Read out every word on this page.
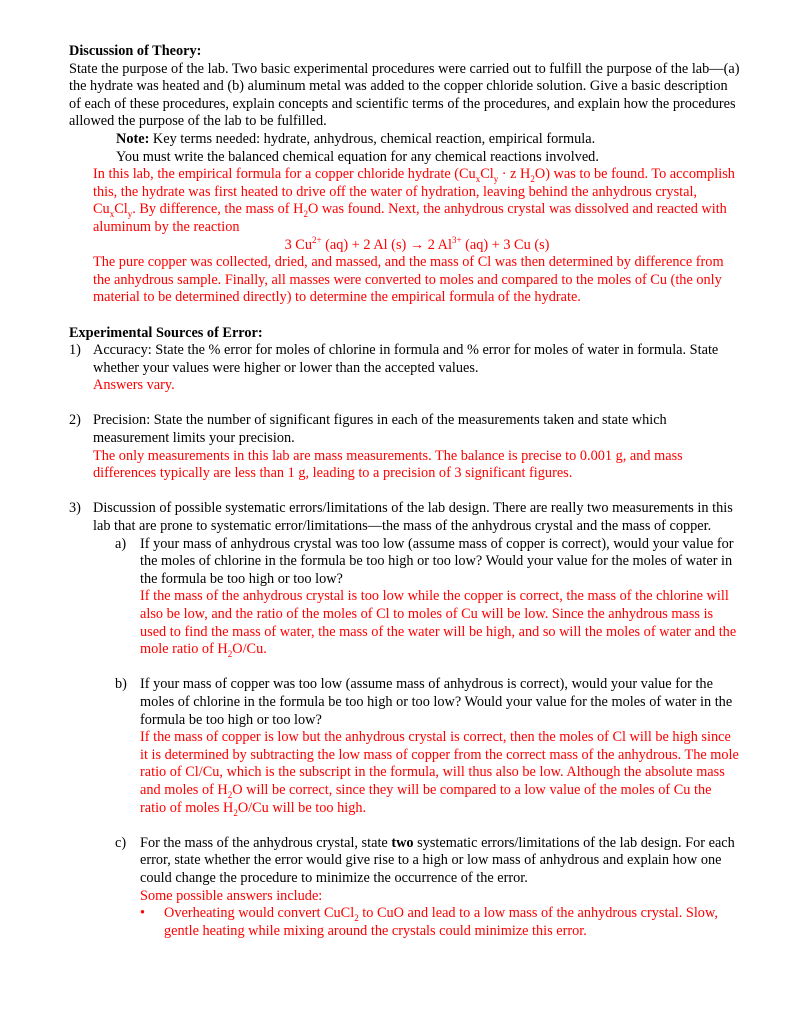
Discussion of Theory:
State the purpose of the lab. Two basic experimental procedures were carried out to fulfill the purpose of the lab—(a) the hydrate was heated and (b) aluminum metal was added to the copper chloride solution. Give a basic description of each of these procedures, explain concepts and scientific terms of the procedures, and explain how the procedures allowed the purpose of the lab to be fulfilled.
Note: Key terms needed: hydrate, anhydrous, chemical reaction, empirical formula.
You must write the balanced chemical equation for any chemical reactions involved.
In this lab, the empirical formula for a copper chloride hydrate ($Cu_xCl_y \cdot z$ $H_2O$) was to be found. To accomplish this, the hydrate was first heated to drive off the water of hydration, leaving behind the anhydrous crystal, $Cu_xCl_y$. By difference, the mass of $H_2O$ was found. Next, the anhydrous crystal was dissolved and reacted with aluminum by the reaction
3 $Cu^{2+}$ (aq) + 2 Al (s) → 2 $Al^{3+}$ (aq) + 3 Cu (s)
The pure copper was collected, dried, and massed, and the mass of Cl was then determined by difference from the anhydrous sample. Finally, all masses were converted to moles and compared to the moles of Cu (the only material to be determined directly) to determine the empirical formula of the hydrate.
Experimental Sources of Error:
1) Accuracy: State the % error for moles of chlorine in formula and % error for moles of water in formula. State whether your values were higher or lower than the accepted values.
Answers vary.
2) Precision: State the number of significant figures in each of the measurements taken and state which measurement limits your precision.
The only measurements in this lab are mass measurements. The balance is precise to 0.001 g, and mass differences typically are less than 1 g, leading to a precision of 3 significant figures.
3) Discussion of possible systematic errors/limitations of the lab design. There are really two measurements in this lab that are prone to systematic error/limitations—the mass of the anhydrous crystal and the mass of copper.
a) If your mass of anhydrous crystal was too low (assume mass of copper is correct), would your value for the moles of chlorine in the formula be too high or too low? Would your value for the moles of water in the formula be too high or too low?
If the mass of the anhydrous crystal is too low while the copper is correct, the mass of the chlorine will also be low, and the ratio of the moles of Cl to moles of Cu will be low. Since the anhydrous mass is used to find the mass of water, the mass of the water will be high, and so will the moles of water and the mole ratio of $H_2O/Cu$.
b) If your mass of copper was too low (assume mass of anhydrous is correct), would your value for the moles of chlorine in the formula be too high or too low? Would your value for the moles of water in the formula be too high or too low?
If the mass of copper is low but the anhydrous crystal is correct, then the moles of Cl will be high since it is determined by subtracting the low mass of copper from the correct mass of the anhydrous. The mole ratio of Cl/Cu, which is the subscript in the formula, will thus also be low. Although the absolute mass and moles of $H_2O$ will be correct, since they will be compared to a low value of the moles of Cu the ratio of moles $H_2O/Cu$ will be too high.
c) For the mass of the anhydrous crystal, state two systematic errors/limitations of the lab design. For each error, state whether the error would give rise to a high or low mass of anhydrous and explain how one could change the procedure to minimize the occurrence of the error.
Some possible answers include:
• Overheating would convert CuCl$_2$ to CuO and lead to a low mass of the anhydrous crystal. Slow, gentle heating while mixing around the crystals could minimize this error.
